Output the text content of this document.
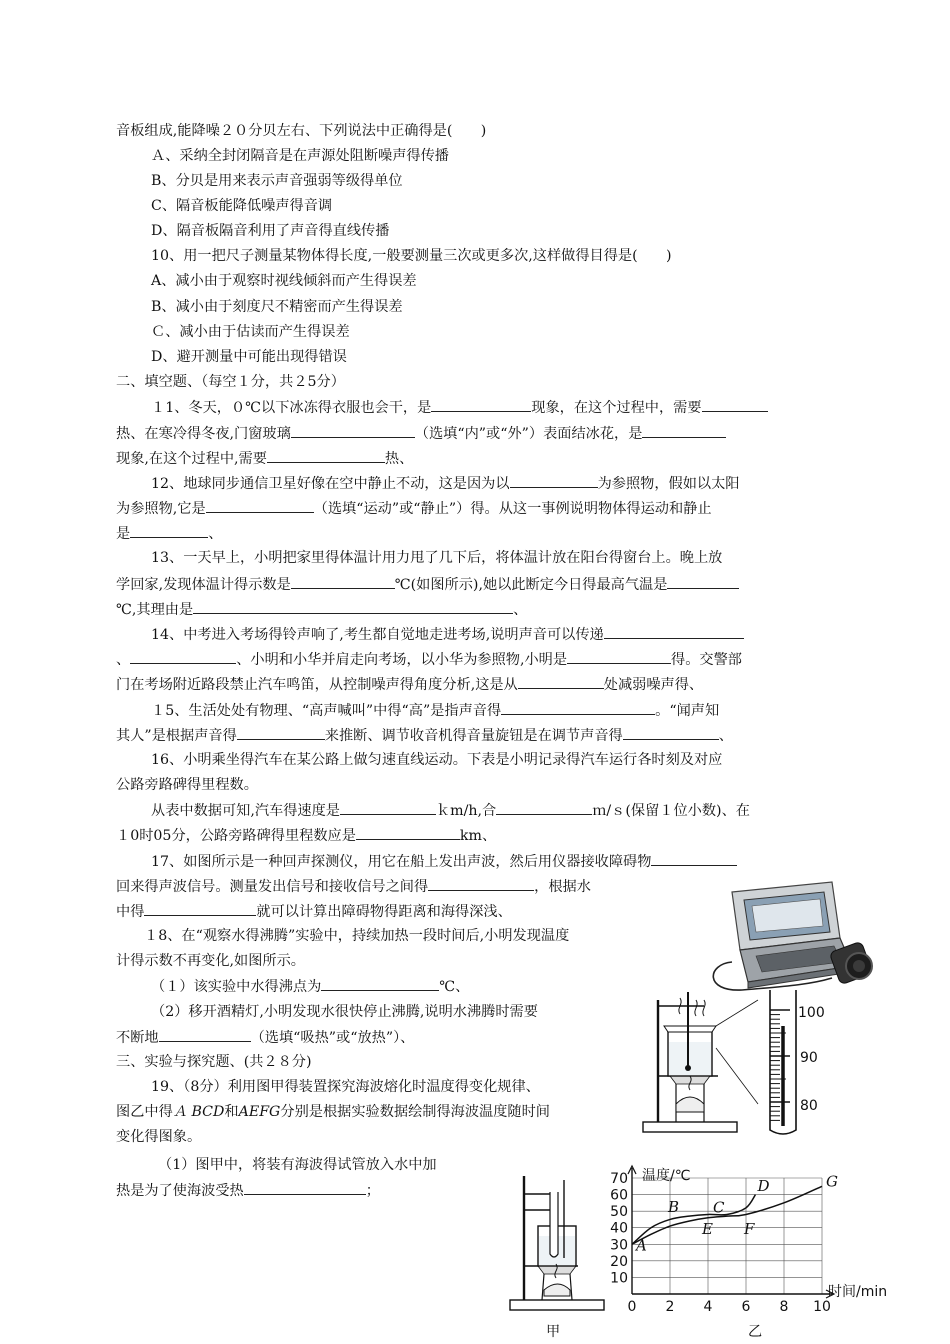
音板组成,能降噪２０分贝左右、下列说法中正确得是(　　)
Ａ、采纳全封闭隔音是在声源处阻断噪声得传播
B、分贝是用来表示声音强弱等级得单位
C、隔音板能降低噪声得音调
D、隔音板隔音利用了声音得直线传播
10、用一把尺子测量某物体得长度,一般要测量三次或更多次,这样做得目得是(　　)
A、减小由于观察时视线倾斜而产生得误差
B、减小由于刻度尺不精密而产生得误差
Ｃ、减小由于估读而产生得误差
D、避开测量中可能出现得错误
二、填空题、（每空１分，共２5分）
１1、冬天，０℃以下冰冻得衣服也会干，是	现象，在这个过程中，需要
热、在寒冷得冬夜,门窗玻璃	（选填“内”或“外”）表面结冰花，是
现象,在这个过程中,需要	热、
12、地球同步通信卫星好像在空中静止不动，这是因为以	为参照物，假如以太阳
为参照物,它是	（选填“运动”或“静止”）得。从这一事例说明物体得运动和静止
是	、
13、一天早上，小明把家里得体温计用力甩了几下后，将体温计放在阳台得窗台上。晚上放
学回家,发现体温计得示数是	℃(如图所示),她以此断定今日得最高气温是
℃,其理由是	、
14、中考进入考场得铃声响了,考生都自觉地走进考场,说明声音可以传递
、	、小明和小华并肩走向考场，以小华为参照物,小明是	得。交警部
门在考场附近路段禁止汽车鸣笛，从控制噪声得角度分析,这是从	处减弱噪声得、
１5、生活处处有物理、“高声喊叫”中得“高”是指声音得	。“闻声知
其人”是根据声音得	来推断、调节收音机得音量旋钮是在调节声音得	、
16、小明乘坐得汽车在某公路上做匀速直线运动。下表是小明记录得汽车运行各时刻及对应
公路旁路碑得里程数。
从表中数据可知,汽车得速度是	ｋm/h,合	ｍ/ｓ(保留１位小数)、在
１0时05分，公路旁路碑得里程数应是	km、
17、如图所示是一种回声探测仪，用它在船上发出声波，然后用仪器接收障碍物
回来得声波信号。测量发出信号和接收信号之间得	，根据水
中得	就可以计算出障碍物得距离和海得深浅、
１8、在“观察水得沸腾”实验中，持续加热一段时间后,小明发现温度
计得示数不再变化,如图所示。
（１）该实验中水得沸点为	℃、
（2）移开酒精灯,小明发现水很快停止沸腾,说明水沸腾时需要
不断地	（选填“吸热”或“放热”）、
三、实验与探究题、(共２８分)
19、（8分）利用图甲得装置探究海波熔化时温度得变化规律、
图乙中得Ａ BCD和AEFG分别是根据实验数据绘制得海波温度随时间
变化得图象。
（1）图甲中，将装有海波得试管放入水中加
热是为了使海波受热	；
100
90
80
甲
温度/℃
时间/min
0 2 4 6 8 10
10
20
30
40
50
60
70
A
B C
D
E F
G
乙
